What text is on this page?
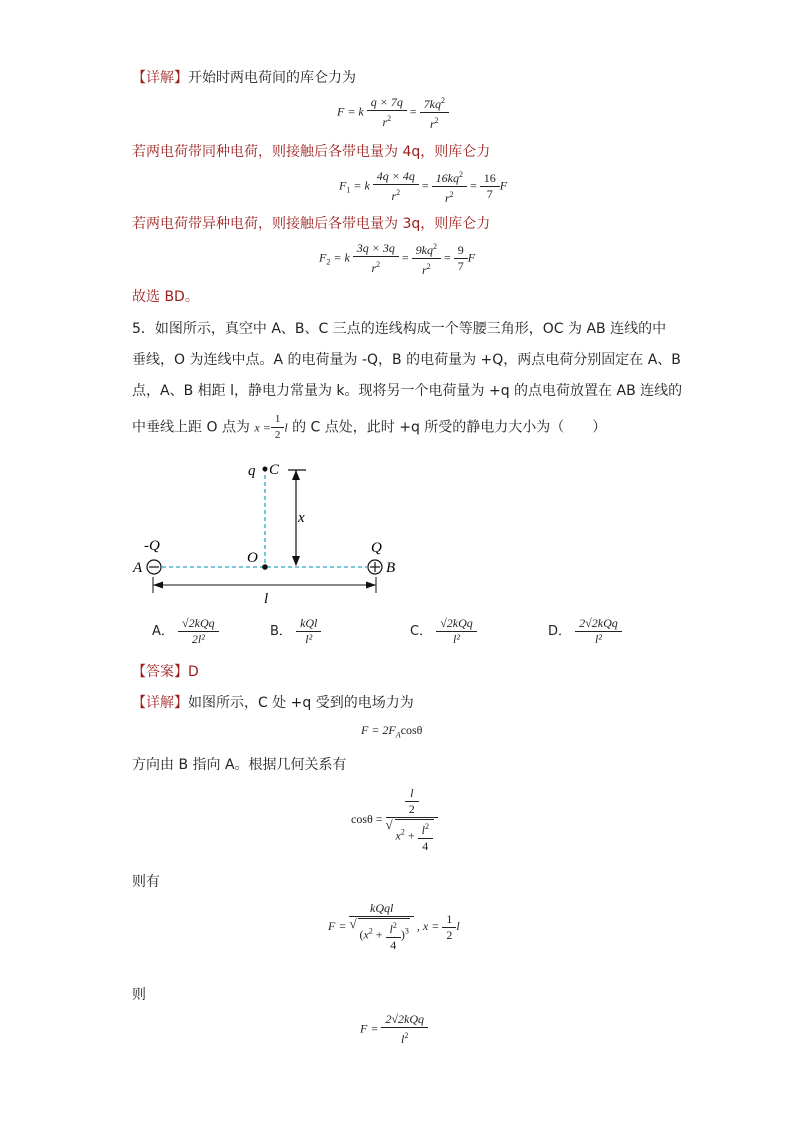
【详解】开始时两电荷间的库仑力为
F = k $\frac{q \times 7q}{r^2} = \frac{7kq^2}{r^2}$
若两电荷带同种电荷，则接触后各带电量为 4q，则库仑力
$F_1 = k \frac{4q \times 4q}{r^2} = \frac{16kq^2}{r^2} = \frac{16}{7}$ F
若两电荷带异种电荷，则接触后各带电量为 3q，则库仑力
$F_2 = k \frac{3q \times 3q}{r^2} = \frac{9kq^2}{r^2} = \frac{9}{7}$ F
故选 BD。
5．如图所示，真空中 A、B、C 三点的连线构成一个等腰三角形，OC 为 AB 连线的中
垂线，O 为连线中点。A 的电荷量为 -Q，B 的电荷量为 +Q，两点电荷分别固定在 A、B
点，A、B 相距 l，静电力常量为 k。现将另一个电荷量为 +q 的点电荷放置在 AB 连线的
中垂线上距 O 点为 $x = \frac{1}{2}$ l 的 C 点处，此时 +q 所受的静电力大小为（　　）
q C
x
-Q	Q
A
O
B
l
A．
√2kQq
2l²	B．
kQl
l²	C．
√2kQq
l²	D．
2√2kQq
l²
【答案】D
【详解】如图所示，C 处 +q 受到的电场力为
$F = 2F_A\cos\theta$
方向由 B 指向 A。根据几何关系有
$\cos\theta = \frac{l}{2}$
√ $x^2 + \frac{l^2}{4}$
则有
F =
kQql
√ $(x^2 + \frac{l^2}{4} )^3$ , $x = \frac{1}{2}$ l
则
F =
2√2kQq
$l^2$
